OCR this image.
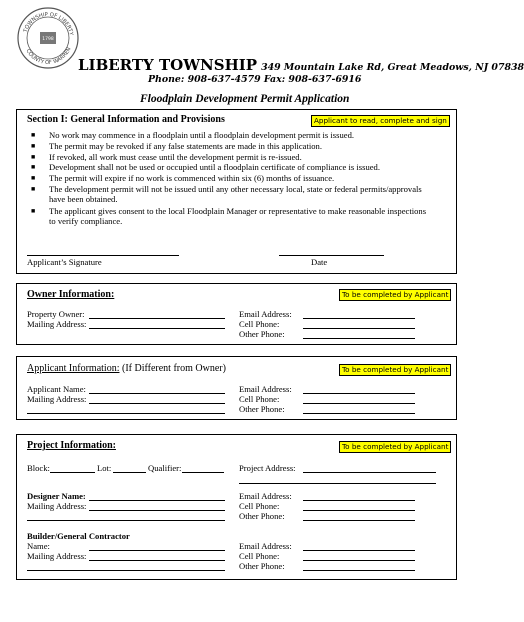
TOWNSHIP OF LIBERTY
COUNTY OF WARREN
1798
LIBERTY TOWNSHIP 349 Mountain Lake Rd, Great Meadows, NJ 07838
Phone: 908-637-4579 Fax: 908-637-6916
Floodplain Development Permit Application
Section I: General Information and Provisions	Applicant to read, complete and sign
■ No work may commence in a floodplain until a floodplain development permit is issued.
■ The permit may be revoked if any false statements are made in this application.
■ If revoked, all work must cease until the development permit is re-issued.
■ Development shall not be used or occupied until a floodplain certificate of compliance is issued.
■ The permit will expire if no work is commenced within six (6) months of issuance.
■ The development permit will not be issued until any other necessary local, state or federal permits/approvals have been obtained.
■ The applicant gives consent to the local Floodplain Manager or representative to make reasonable inspections to verify compliance.
Applicant’s Signature	Date
Owner Information:	To be completed by Applicant
Property Owner:
Mailing Address:
Email Address:
Cell Phone:
Other Phone:
Applicant Information: (If Different from Owner)	To be completed by Applicant
Applicant Name:
Mailing Address:
Email Address:
Cell Phone:
Other Phone:
Project Information:	To be completed by Applicant
Block:	Lot:	Qualifier:	Project Address:
Designer Name:
Mailing Address:
Email Address:
Cell Phone:
Other Phone:
Builder/General Contractor
Name:
Mailing Address:
Email Address:
Cell Phone:
Other Phone:
